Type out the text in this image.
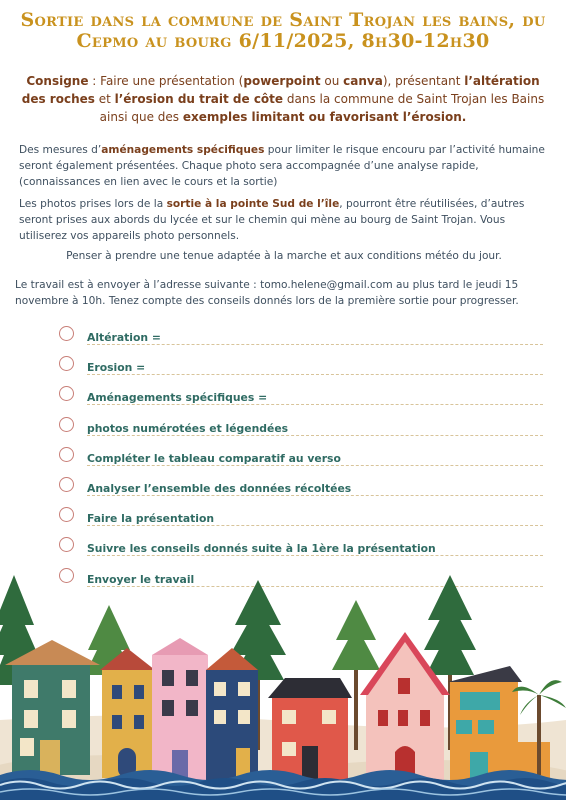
Sortie dans la commune de Saint Trojan les bains, du Cepmo au bourg 6/11/2025, 8h30-12h30

Consigne : Faire une présentation (powerpoint ou canva), présentant l’altération des roches et l’érosion du trait de côte dans la commune de Saint Trojan les Bains ainsi que des exemples limitant ou favorisant l’érosion.

Des mesures d’aménagements spécifiques pour limiter le risque encouru par l’activité humaine seront également présentées. Chaque photo sera accompagnée d’une analyse rapide, (connaissances en lien avec le cours et la sortie)

Les photos prises lors de la sortie à la pointe Sud de l’île, pourront être réutilisées, d’autres seront prises aux abords du lycée et sur le chemin qui mène au bourg de Saint Trojan. Vous utiliserez vos appareils photo personnels.

Penser à prendre une tenue adaptée à la marche et aux conditions météo du jour.

Le travail est à envoyer à l’adresse suivante : tomo.helene@gmail.com au plus tard le jeudi 15 novembre à 10h. Tenez compte des conseils donnés lors de la première sortie pour progresser.

Altération =
Erosion =
Aménagements spécifiques =
photos numérotées et légendées
Compléter le tableau comparatif au verso
Analyser l’ensemble des données récoltées
Faire la présentation
Suivre les conseils donnés suite à la 1ère la présentation
Envoyer le travail
